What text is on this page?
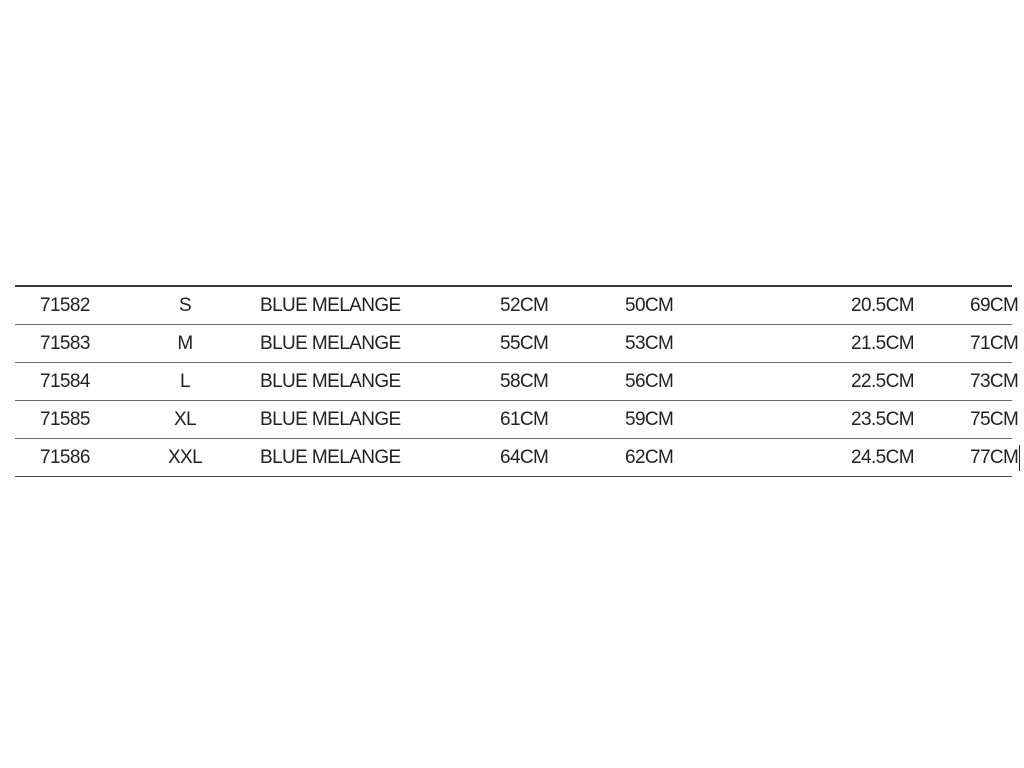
71582	S	BLUE MELANGE	52CM	50CM	20.5CM	69CM
71583	M	BLUE MELANGE	55CM	53CM	21.5CM	71CM
71584	L	BLUE MELANGE	58CM	56CM	22.5CM	73CM
71585	XL	BLUE MELANGE	61CM	59CM	23.5CM	75CM
71586	XXL	BLUE MELANGE	64CM	62CM	24.5CM	77CM
